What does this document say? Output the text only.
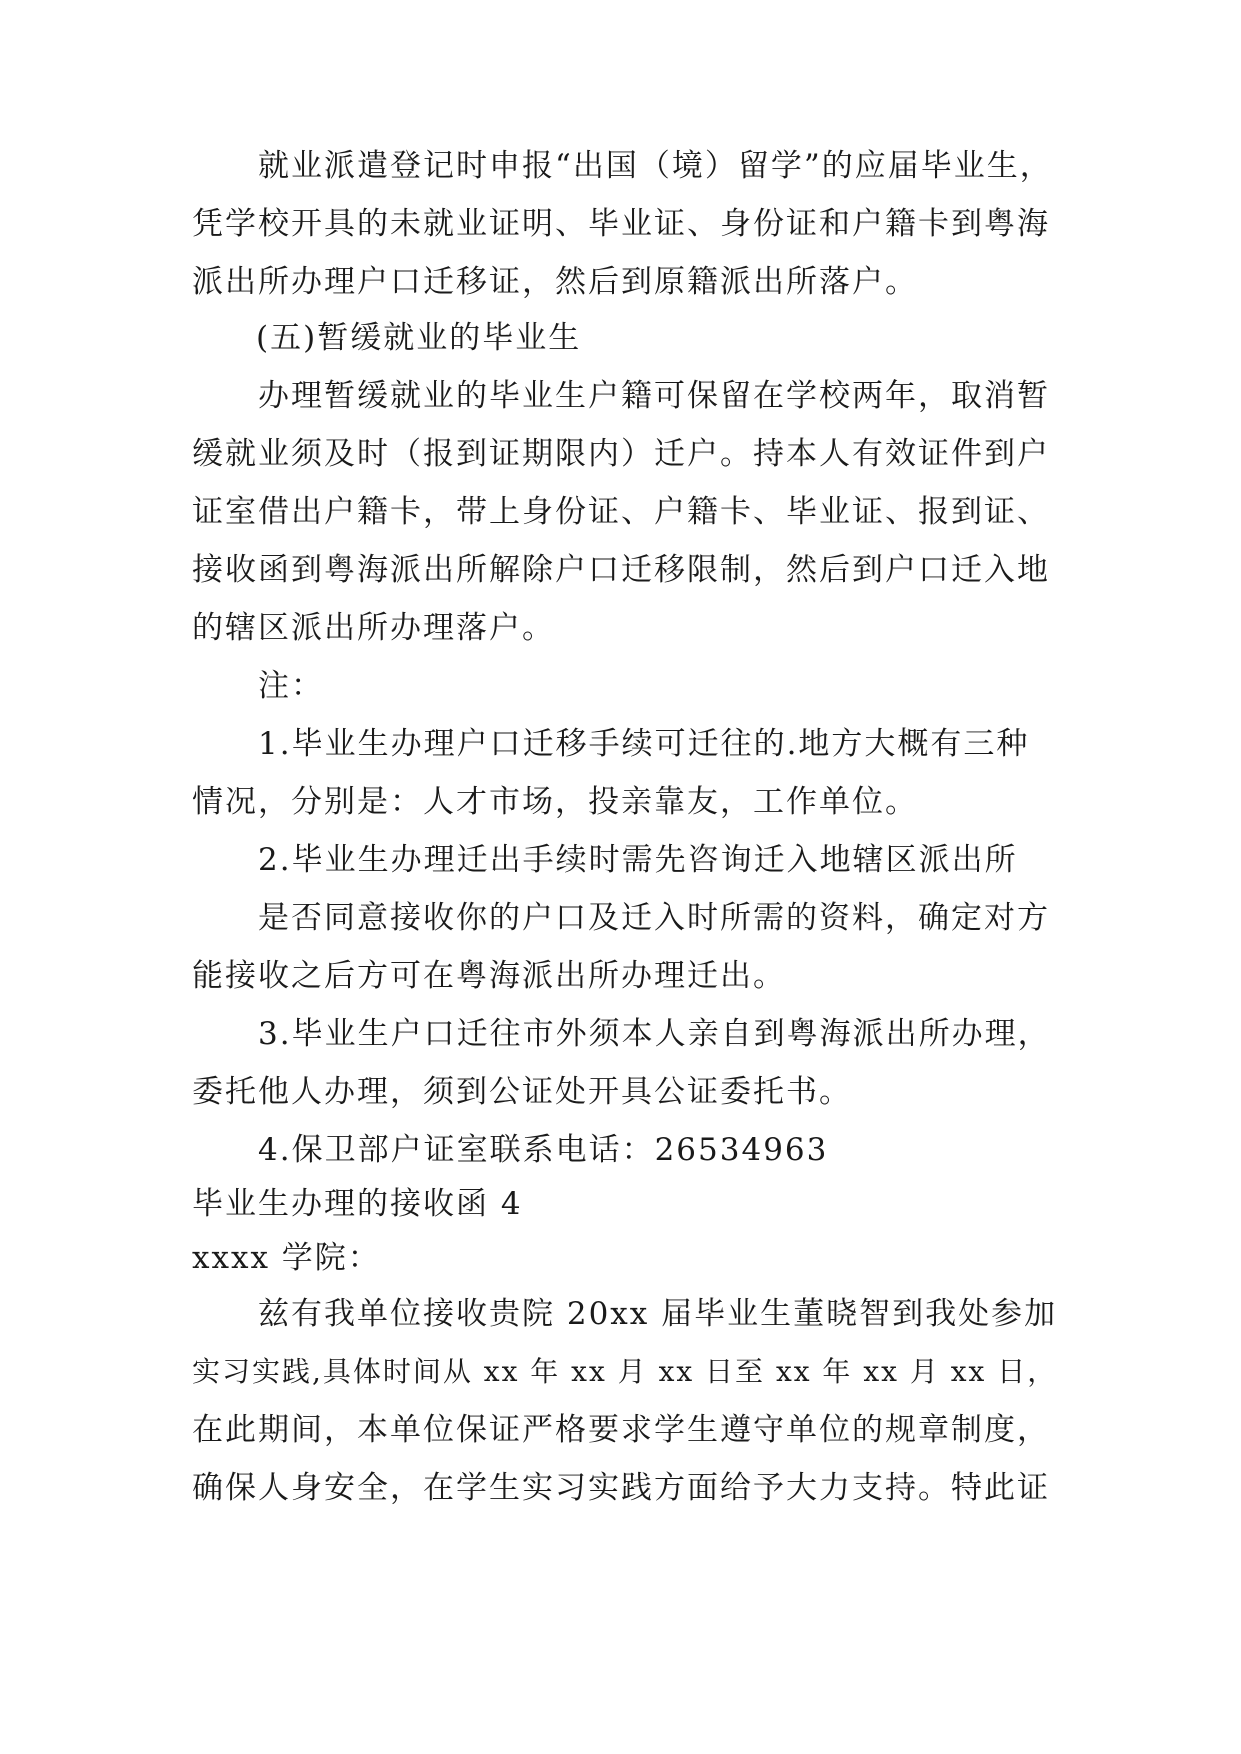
就业派遣登记时申报“出国（境）留学”的应届毕业生，
凭学校开具的未就业证明、毕业证、身份证和户籍卡到粤海
派出所办理户口迁移证，然后到原籍派出所落户。
(五)暂缓就业的毕业生
办理暂缓就业的毕业生户籍可保留在学校两年，取消暂
缓就业须及时（报到证期限内）迁户。持本人有效证件到户
证室借出户籍卡，带上身份证、户籍卡、毕业证、报到证、
接收函到粤海派出所解除户口迁移限制，然后到户口迁入地
的辖区派出所办理落户。
注：
1.毕业生办理户口迁移手续可迁往的.地方大概有三种
情况，分别是：人才市场，投亲靠友，工作单位。
2.毕业生办理迁出手续时需先咨询迁入地辖区派出所
是否同意接收你的户口及迁入时所需的资料，确定对方
能接收之后方可在粤海派出所办理迁出。
3.毕业生户口迁往市外须本人亲自到粤海派出所办理，
委托他人办理，须到公证处开具公证委托书。
4.保卫部户证室联系电话：26534963
毕业生办理的接收函 4
xxxx 学院：
兹有我单位接收贵院 20xx 届毕业生董晓智到我处参加
实习实践,具体时间从 xx 年 xx 月 xx 日至 xx 年 xx 月 xx 日，
在此期间，本单位保证严格要求学生遵守单位的规章制度，
确保人身安全，在学生实习实践方面给予大力支持。特此证
